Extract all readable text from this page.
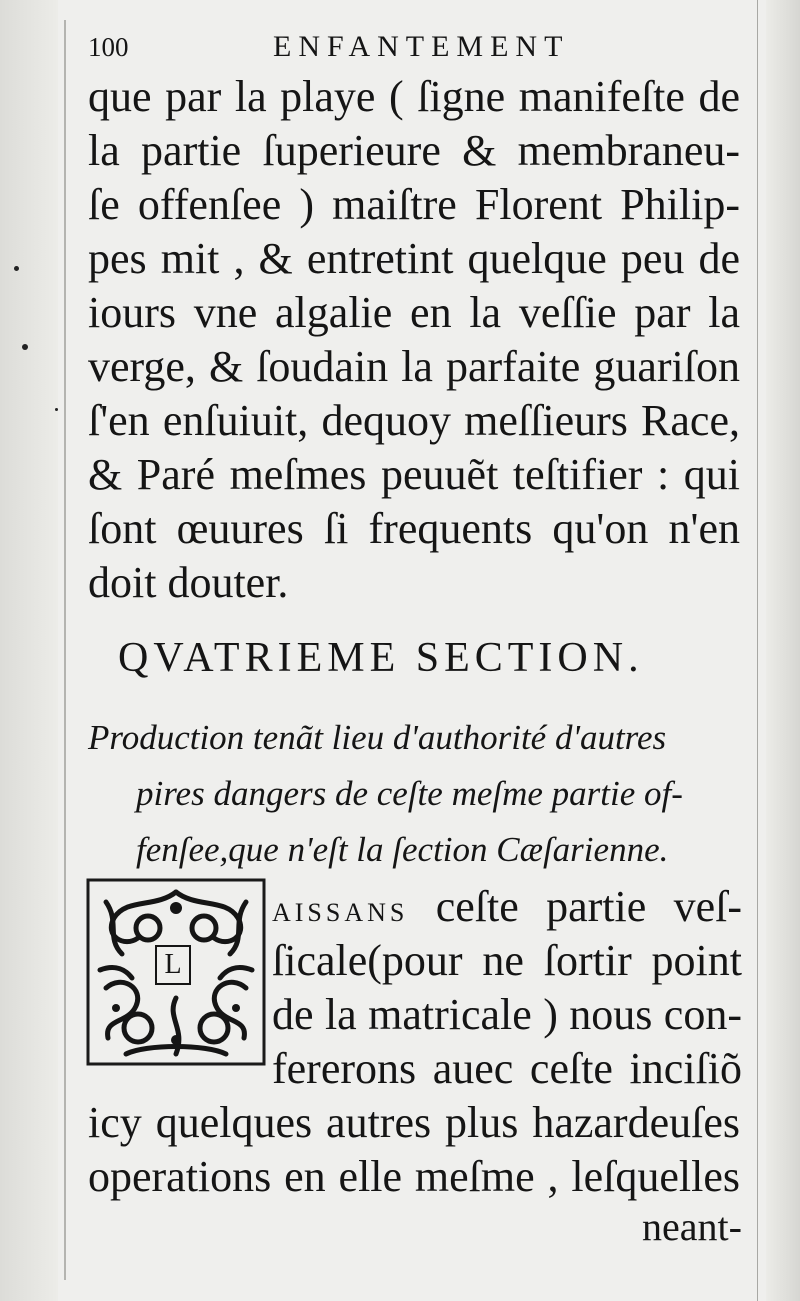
100	ENFANTEMENT
que par la playe ( ſigne manifeſte de
la partie ſuperieure & membraneu-
ſe offenſee ) maiſtre Florent Philip-
pes mit , & entretint quelque peu de
iours vne algalie en la veſſie par la
verge, & ſoudain la parfaite guariſon
ſ'en enſuiuit, dequoy meſſieurs Race,
& Paré meſmes peuuẽt teſtifier : qui
ſont œuures ſi frequents qu'on n'en
doit douter.
QVATRIEME SECTION.
Production tenãt lieu d'authorité d'autres
pires dangers de ceſte meſme partie of-
fenſee,que n'eſt la ſection Cæſarienne.
L
AISSANS ceſte partie veſ-
ſicale(pour ne ſortir point
de la matricale ) nous con-
fererons auec ceſte inciſiõ
icy quelques autres plus hazardeuſes
operations en elle meſme , leſquelles
neant-
